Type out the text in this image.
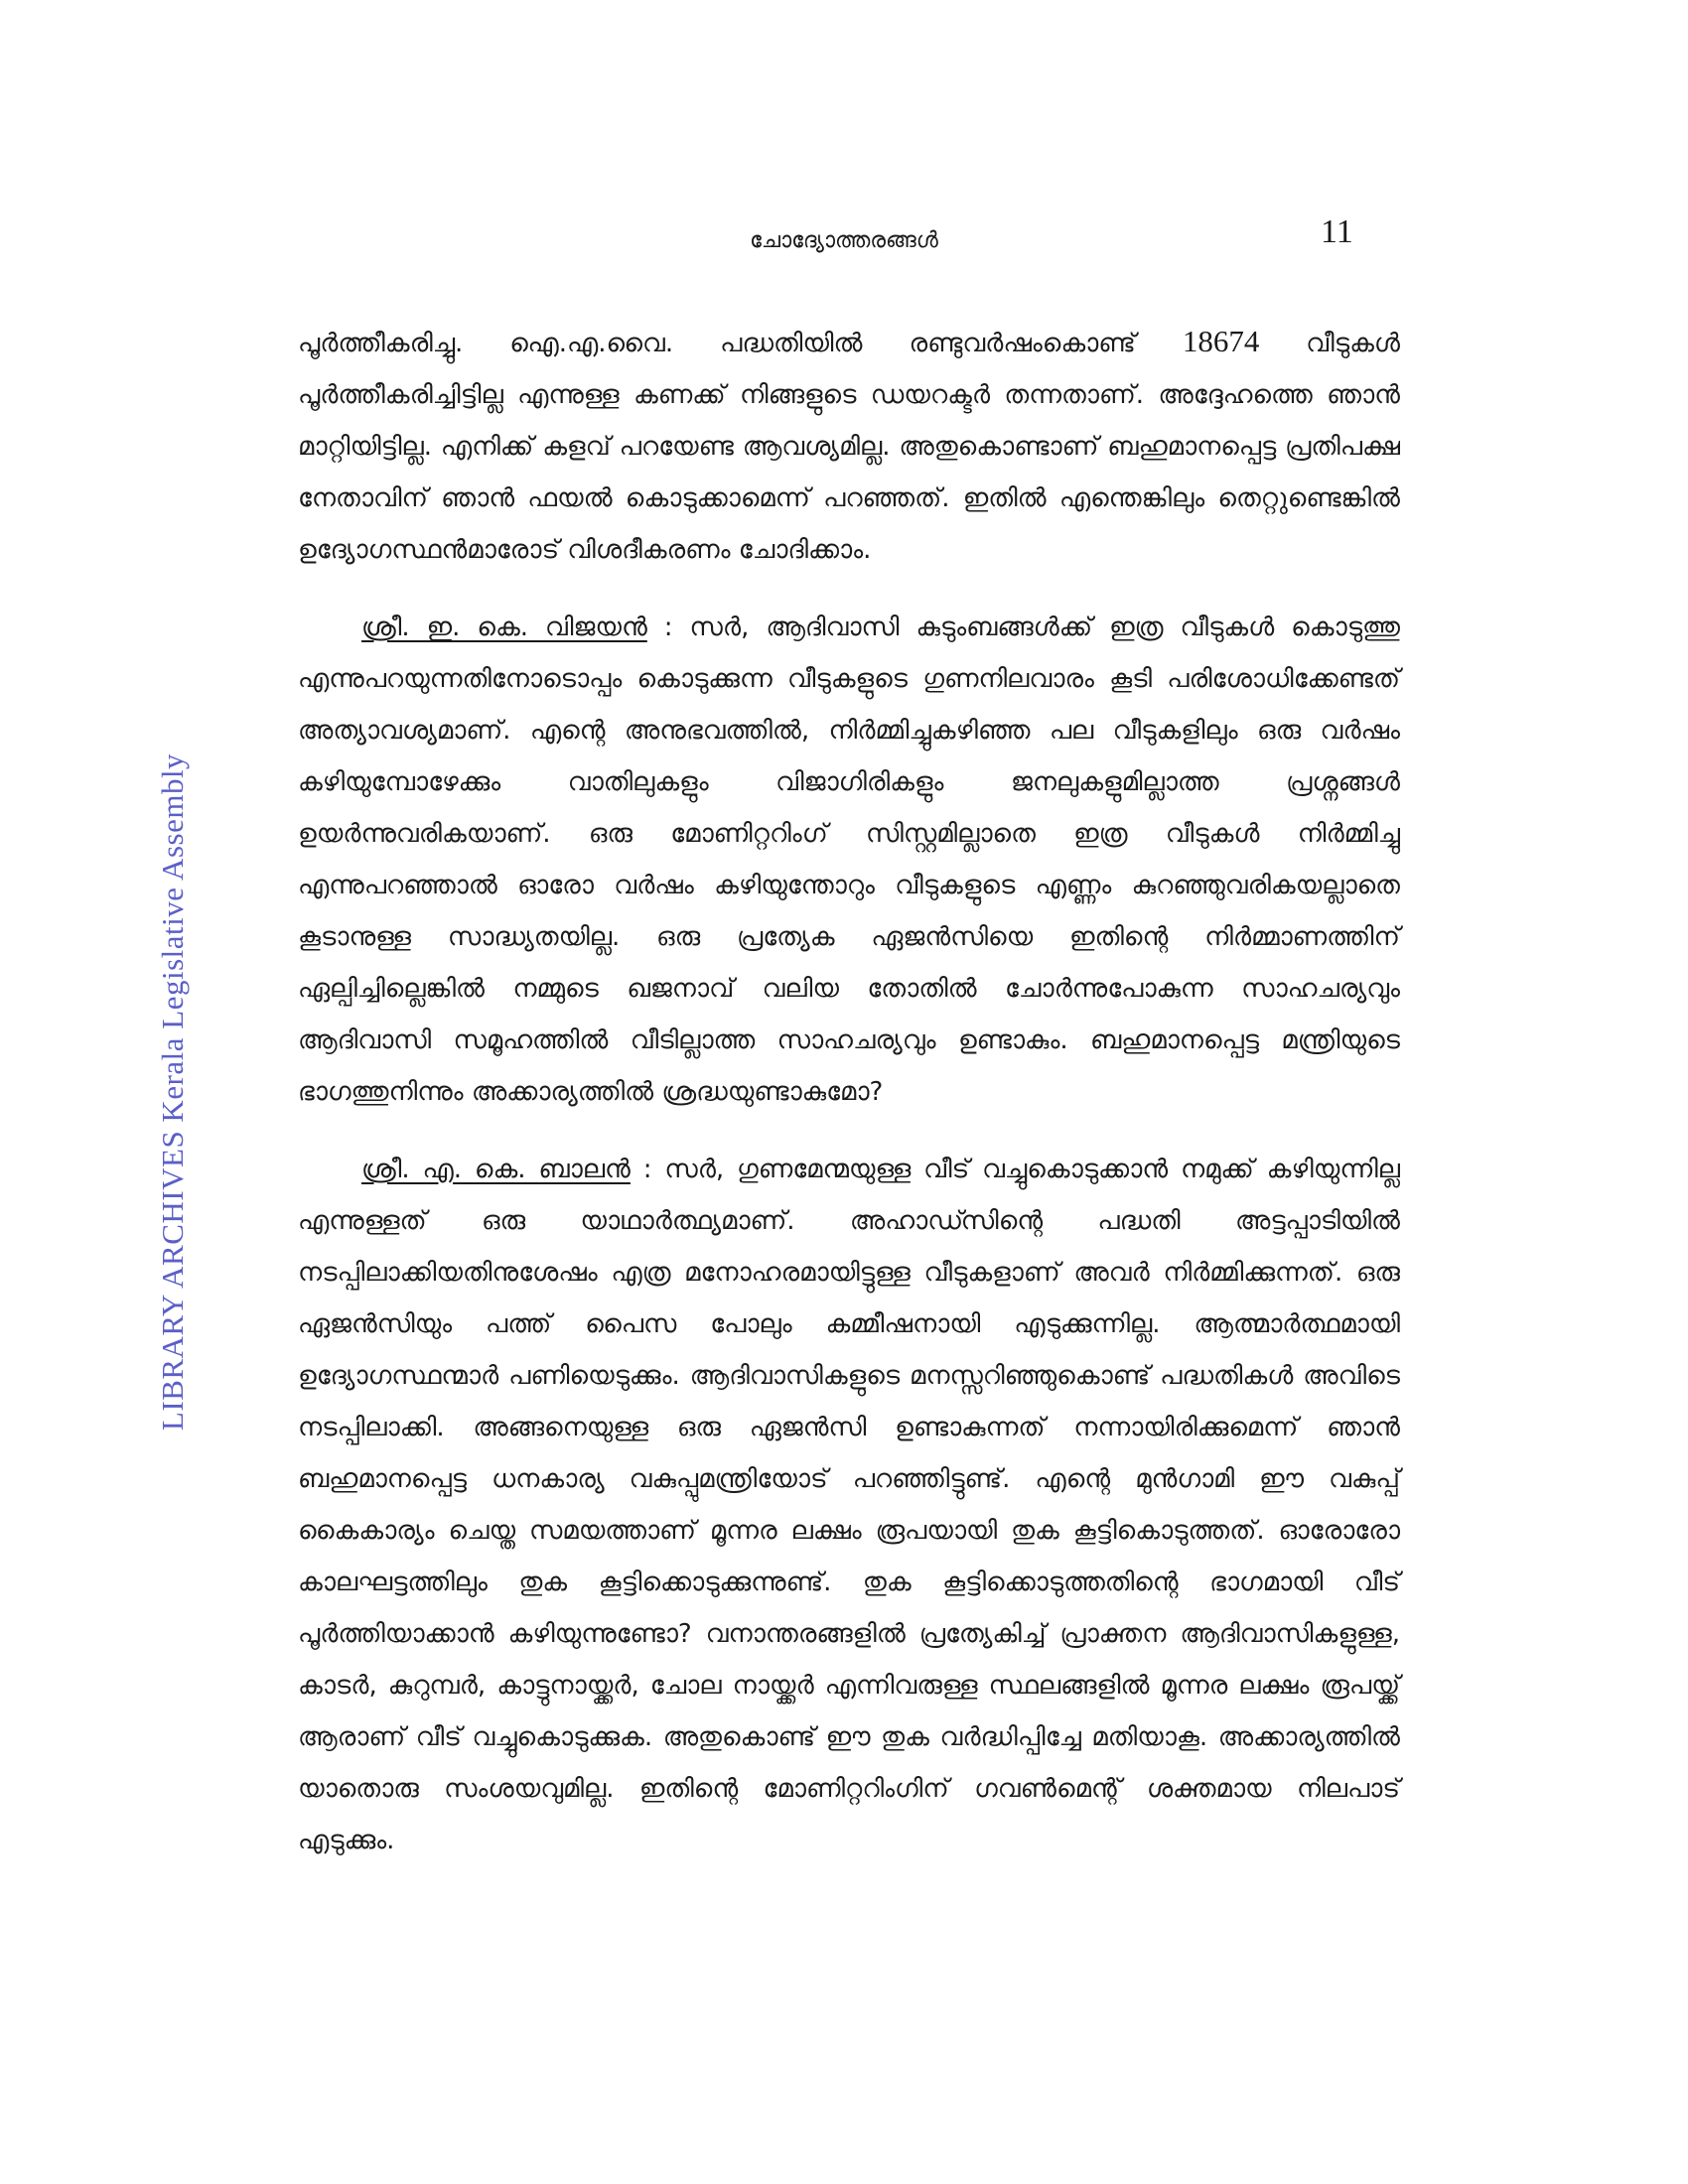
ചോദ്യോത്തരങ്ങൾ	11
LIBRARY ARCHIVES Kerala Legislative Assembly

പൂർത്തീകരിച്ചു. ഐ.എ.വൈ. പദ്ധതിയിൽ രണ്ടുവർഷംകൊണ്ട് 18674 വീടുകൾ പൂർത്തീകരിച്ചിട്ടില്ല എന്നുള്ള കണക്ക് നിങ്ങളുടെ ഡയറക്ടർ തന്നതാണ്. അദ്ദേഹത്തെ ഞാൻ മാറ്റിയിട്ടില്ല. എനിക്ക് കളവ് പറയേണ്ട ആവശ്യമില്ല. അതുകൊണ്ടാണ് ബഹുമാനപ്പെട്ട പ്രതിപക്ഷ നേതാവിന് ഞാൻ ഫയൽ കൊടുക്കാമെന്ന് പറഞ്ഞത്. ഇതിൽ എന്തെങ്കിലും തെറ്റുണ്ടെങ്കിൽ ഉദ്യോഗസ്ഥൻമാരോട് വിശദീകരണം ചോദിക്കാം.

ശ്രീ. ഇ. കെ. വിജയൻ : സർ, ആദിവാസി കുടുംബങ്ങൾക്ക് ഇത്ര വീടുകൾ കൊടുത്തു എന്നുപറയുന്നതിനോടൊപ്പം കൊടുക്കുന്ന വീടുകളുടെ ഗുണനിലവാരം കൂടി പരിശോധിക്കേണ്ടത് അത്യാവശ്യമാണ്. എന്റെ അനുഭവത്തിൽ, നിർമ്മിച്ചുകഴിഞ്ഞ പല വീടുകളിലും ഒരു വർഷം കഴിയുമ്പോഴേക്കും വാതിലുകളും വിജാഗിരികളും ജനലുകളുമില്ലാത്ത പ്രശ്നങ്ങൾ ഉയർന്നുവരികയാണ്. ഒരു മോണിറ്ററിംഗ് സിസ്റ്റമില്ലാതെ ഇത്ര വീടുകൾ നിർമ്മിച്ചു എന്നുപറഞ്ഞാൽ ഓരോ വർഷം കഴിയുന്തോറും വീടുകളുടെ എണ്ണം കുറഞ്ഞുവരികയല്ലാതെ കൂടാനുള്ള സാദ്ധ്യതയില്ല. ഒരു പ്രത്യേക ഏജൻസിയെ ഇതിന്റെ നിർമ്മാണത്തിന് ഏല്പിച്ചില്ലെങ്കിൽ നമ്മുടെ ഖജനാവ് വലിയ തോതിൽ ചോർന്നുപോകുന്ന സാഹചര്യവും ആദിവാസി സമൂഹത്തിൽ വീടില്ലാത്ത സാഹചര്യവും ഉണ്ടാകും. ബഹുമാനപ്പെട്ട മന്ത്രിയുടെ ഭാഗത്തുനിന്നും അക്കാര്യത്തിൽ ശ്രദ്ധയുണ്ടാകുമോ?

ശ്രീ. എ. കെ. ബാലൻ : സർ, ഗുണമേന്മയുള്ള വീട് വച്ചുകൊടുക്കാൻ നമുക്ക് കഴിയുന്നില്ല എന്നുള്ളത് ഒരു യാഥാർത്ഥ്യമാണ്. അഹാഡ്സിന്റെ പദ്ധതി അട്ടപ്പാടിയിൽ നടപ്പിലാക്കിയതിനുശേഷം എത്ര മനോഹരമായിട്ടുള്ള വീടുകളാണ് അവർ നിർമ്മിക്കുന്നത്. ഒരു ഏജൻസിയും പത്ത് പൈസ പോലും കമ്മീഷനായി എടുക്കുന്നില്ല. ആത്മാർത്ഥമായി ഉദ്യോഗസ്ഥന്മാർ പണിയെടുക്കും. ആദിവാസികളുടെ മനസ്സറിഞ്ഞുകൊണ്ട് പദ്ധതികൾ അവിടെ നടപ്പിലാക്കി. അങ്ങനെയുള്ള ഒരു ഏജൻസി ഉണ്ടാകുന്നത് നന്നായിരിക്കുമെന്ന് ഞാൻ ബഹുമാനപ്പെട്ട ധനകാര്യ വകുപ്പുമന്ത്രിയോട് പറഞ്ഞിട്ടുണ്ട്. എന്റെ മുൻഗാമി ഈ വകുപ്പ് കൈകാര്യം ചെയ്ത സമയത്താണ് മൂന്നര ലക്ഷം രൂപയായി തുക കൂട്ടികൊടുത്തത്. ഓരോരോ കാലഘട്ടത്തിലും തുക കൂട്ടിക്കൊടുക്കുന്നുണ്ട്. തുക കൂട്ടിക്കൊടുത്തതിന്റെ ഭാഗമായി വീട് പൂർത്തിയാക്കാൻ കഴിയുന്നുണ്ടോ? വനാന്തരങ്ങളിൽ പ്രത്യേകിച്ച് പ്രാക്തന ആദിവാസികളുള്ള, കാടർ, കുറുമ്പർ, കാട്ടുനായ്ക്കർ, ചോല നായ്ക്കർ എന്നിവരുള്ള സ്ഥലങ്ങളിൽ മൂന്നര ലക്ഷം രൂപയ്ക്ക് ആരാണ് വീട് വച്ചുകൊടുക്കുക. അതുകൊണ്ട് ഈ തുക വർദ്ധിപ്പിച്ചേ മതിയാകൂ. അക്കാര്യത്തിൽ യാതൊരു സംശയവുമില്ല. ഇതിന്റെ മോണിറ്ററിംഗിന് ഗവൺമെന്റ് ശക്തമായ നിലപാട് എടുക്കും.
